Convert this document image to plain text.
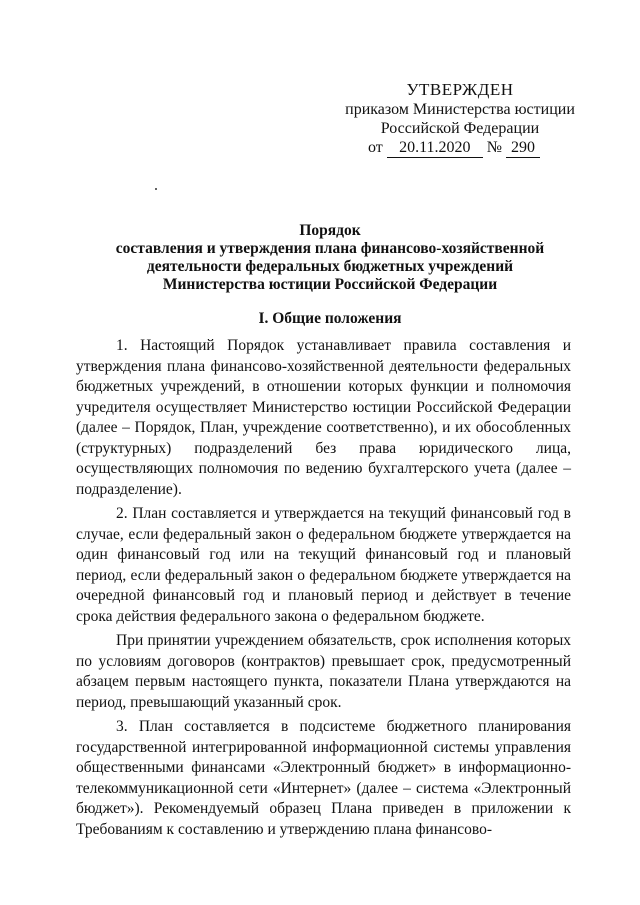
УТВЕРЖДЕН
приказом Министерства юстиции
Российской Федерации
от 20.11.2020 № 290
Порядок
составления и утверждения плана финансово-хозяйственной
деятельности федеральных бюджетных учреждений
Министерства юстиции Российской Федерации
I. Общие положения

1. Настоящий Порядок устанавливает правила составления и утверждения плана финансово-хозяйственной деятельности федеральных бюджетных учреждений, в отношении которых функции и полномочия учредителя осуществляет Министерство юстиции Российской Федерации (далее – Порядок, План, учреждение соответственно), и их обособленных (структурных) подразделений без права юридического лица, осуществляющих полномочия по ведению бухгалтерского учета (далее – подразделение).

2. План составляется и утверждается на текущий финансовый год в случае, если федеральный закон о федеральном бюджете утверждается на один финансовый год или на текущий финансовый год и плановый период, если федеральный закон о федеральном бюджете утверждается на очередной финансовый год и плановый период и действует в течение срока действия федерального закона о федеральном бюджете.

При принятии учреждением обязательств, срок исполнения которых по условиям договоров (контрактов) превышает срок, предусмотренный абзацем первым настоящего пункта, показатели Плана утверждаются на период, превышающий указанный срок.

3. План составляется в подсистеме бюджетного планирования государственной интегрированной информационной системы управления общественными финансами «Электронный бюджет» в информационно-телекоммуникационной сети «Интернет» (далее – система «Электронный бюджет»). Рекомендуемый образец Плана приведен в приложении к Требованиям к составлению и утверждению плана финансово-
